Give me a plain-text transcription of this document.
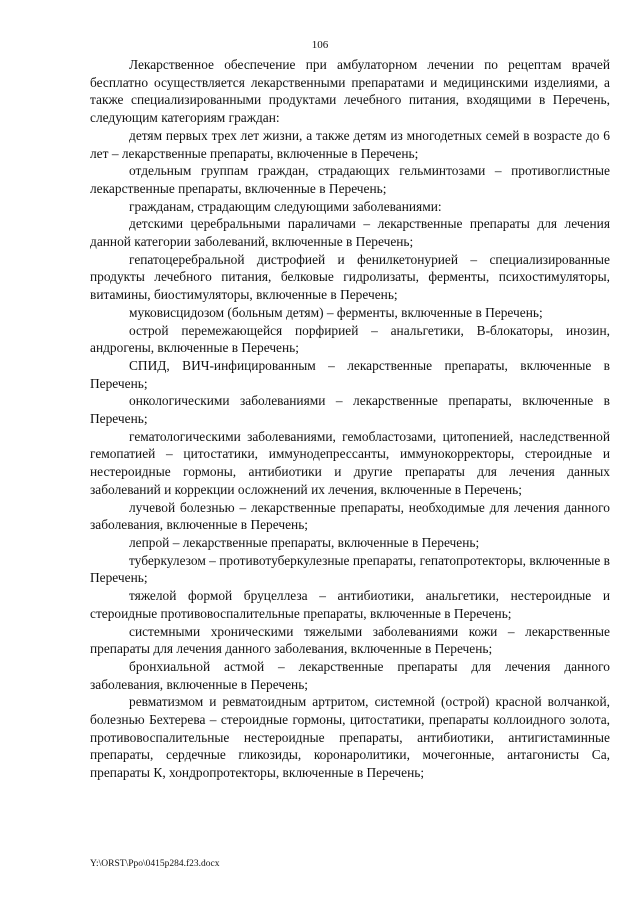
106

Лекарственное обеспечение при амбулаторном лечении по рецептам врачей бесплатно осуществляется лекарственными препаратами и медицинскими изделиями, а также специализированными продуктами лечебного питания, входящими в Перечень, следующим категориям граждан:

детям первых трех лет жизни, а также детям из многодетных семей в возрасте до 6 лет – лекарственные препараты, включенные в Перечень;

отдельным группам граждан, страдающих гельминтозами – противоглистные лекарственные препараты, включенные в Перечень;

гражданам, страдающим следующими заболеваниями:

детскими церебральными параличами – лекарственные препараты для лечения данной категории заболеваний, включенные в Перечень;

гепатоцеребральной дистрофией и фенилкетонурией – специализированные продукты лечебного питания, белковые гидролизаты, ферменты, психостимуляторы, витамины, биостимуляторы, включенные в Перечень;

муковисцидозом (больным детям) – ферменты, включенные в Перечень;

острой перемежающейся порфирией – анальгетики, В-блокаторы, инозин, андрогены, включенные в Перечень;

СПИД, ВИЧ-инфицированным – лекарственные препараты, включенные в Перечень;

онкологическими заболеваниями – лекарственные препараты, включенные в Перечень;

гематологическими заболеваниями, гемобластозами, цитопенией, наследственной гемопатией – цитостатики, иммунодепрессанты, иммунокорректоры, стероидные и нестероидные гормоны, антибиотики и другие препараты для лечения данных заболеваний и коррекции осложнений их лечения, включенные в Перечень;

лучевой болезнью – лекарственные препараты, необходимые для лечения данного заболевания, включенные в Перечень;

лепрой – лекарственные препараты, включенные в Перечень;

туберкулезом – противотуберкулезные препараты, гепатопротекторы, включенные в Перечень;

тяжелой формой бруцеллеза – антибиотики, анальгетики, нестероидные и стероидные противовоспалительные препараты, включенные в Перечень;

системными хроническими тяжелыми заболеваниями кожи – лекарственные препараты для лечения данного заболевания, включенные в Перечень;

бронхиальной астмой – лекарственные препараты для лечения данного заболевания, включенные в Перечень;

ревматизмом и ревматоидным артритом, системной (острой) красной волчанкой, болезнью Бехтерева – стероидные гормоны, цитостатики, препараты коллоидного золота, противовоспалительные нестероидные препараты, антибиотики, антигистаминные препараты, сердечные гликозиды, коронаролитики, мочегонные, антагонисты Са, препараты К, хондропротекторы, включенные в Перечень;

Y:\ORST\Ppo\0415p284.f23.docx
